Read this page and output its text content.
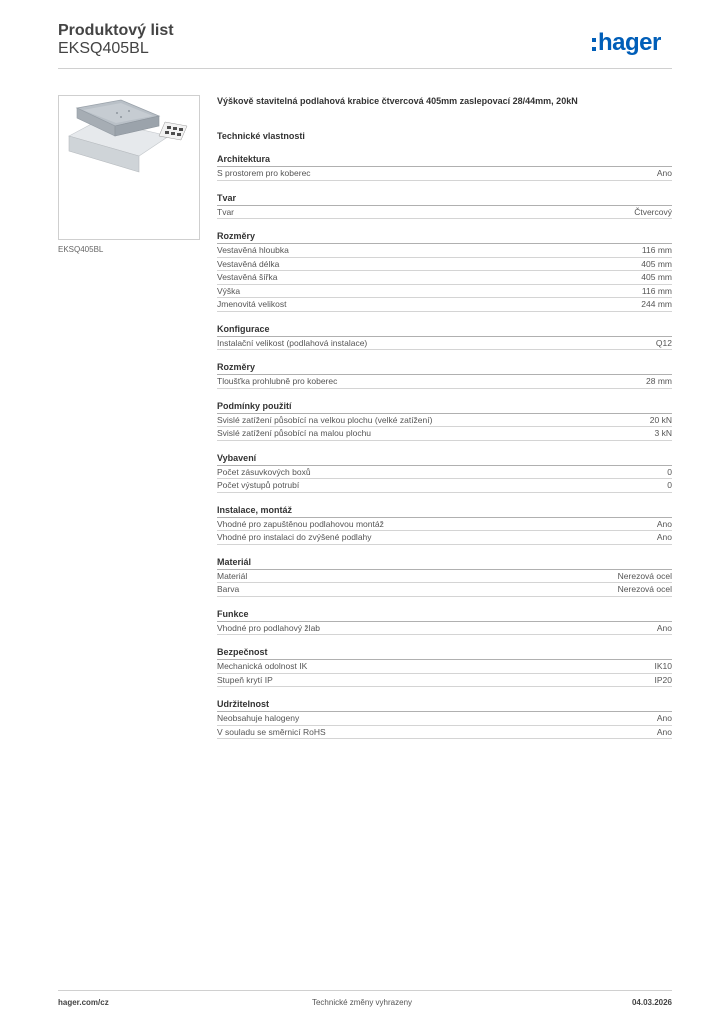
Produktový list
EKSQ405BL	hager
EKSQ405BL
Výškově stavitelná podlahová krabice čtvercová 405mm zaslepovací 28/44mm, 20kN
Technické vlastnosti
Architektura
S prostorem pro koberec	Ano
Tvar
Tvar	Čtvercový
Rozměry
Vestavěná hloubka	116 mm
Vestavěná délka	405 mm
Vestavěná šířka	405 mm
Výška	116 mm
Jmenovitá velikost	244 mm
Konfigurace
Instalační velikost (podlahová instalace)	Q12
Rozměry
Tloušťka prohlubně pro koberec	28 mm
Podmínky použití
Svislé zatížení působící na velkou plochu (velké zatížení)	20 kN
Svislé zatížení působící na malou plochu	3 kN
Vybavení
Počet zásuvkových boxů	0
Počet výstupů potrubí	0
Instalace, montáž
Vhodné pro zapuštěnou podlahovou montáž	Ano
Vhodné pro instalaci do zvýšené podlahy	Ano
Materiál
Materiál	Nerezová ocel
Barva	Nerezová ocel
Funkce
Vhodné pro podlahový žlab	Ano
Bezpečnost
Mechanická odolnost IK	IK10
Stupeň krytí IP	IP20
Udržitelnost
Neobsahuje halogeny	Ano
V souladu se směrnicí RoHS	Ano
hager.com/cz	Technické změny vyhrazeny	04.03.2026
